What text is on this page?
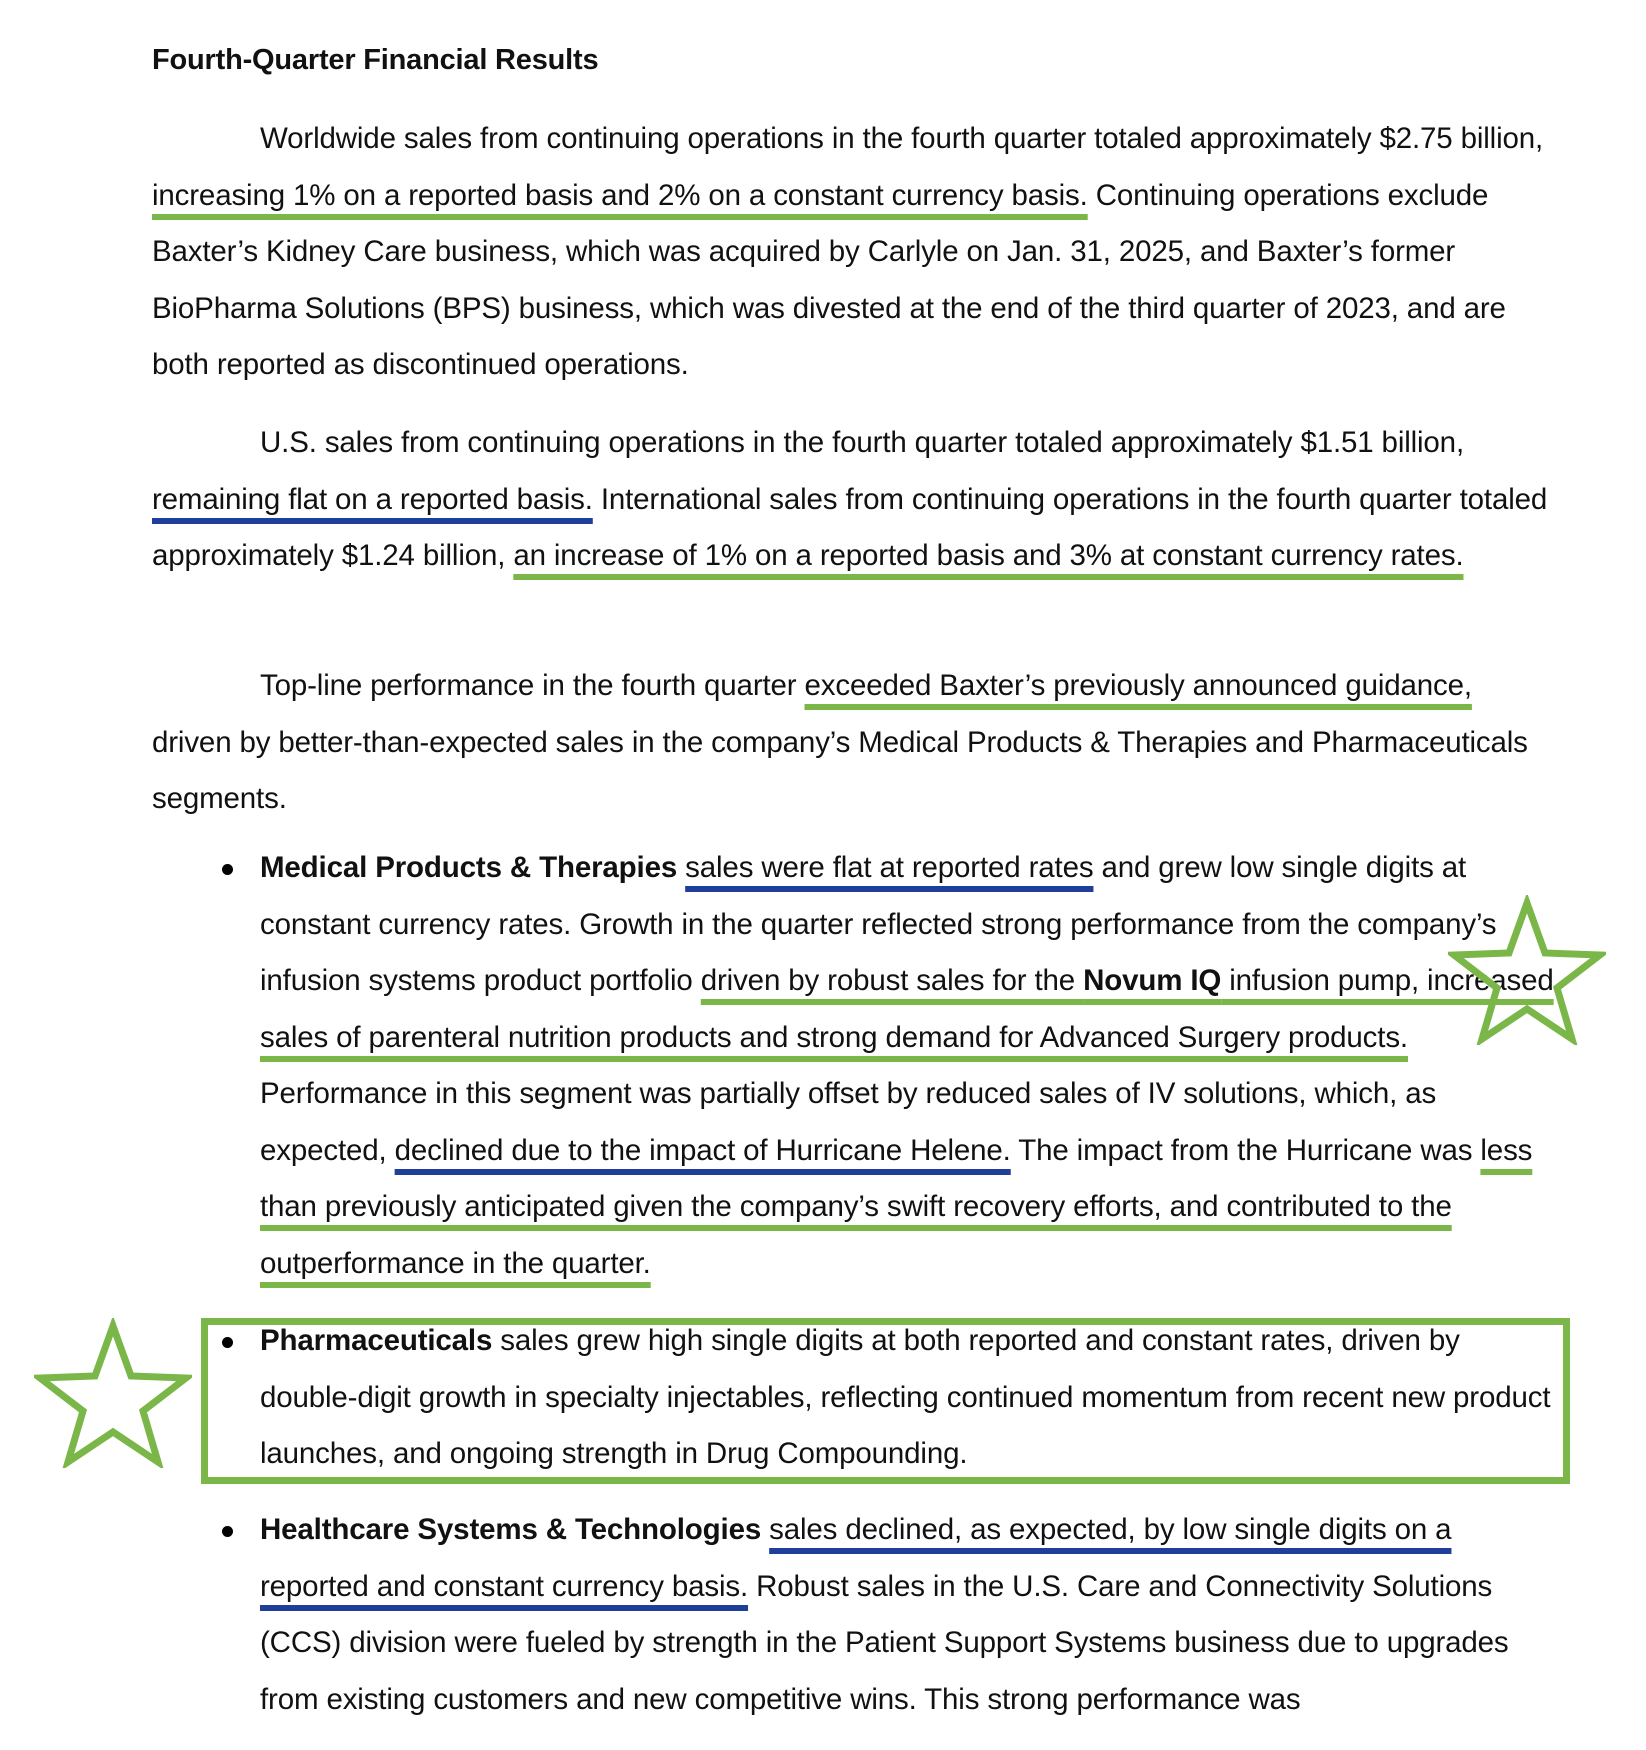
Fourth-Quarter Financial Results

Worldwide sales from continuing operations in the fourth quarter totaled approximately $2.75 billion, increasing 1% on a reported basis and 2% on a constant currency basis. Continuing operations exclude Baxter’s Kidney Care business, which was acquired by Carlyle on Jan. 31, 2025, and Baxter’s former BioPharma Solutions (BPS) business, which was divested at the end of the third quarter of 2023, and are both reported as discontinued operations.

U.S. sales from continuing operations in the fourth quarter totaled approximately $1.51 billion, remaining flat on a reported basis. International sales from continuing operations in the fourth quarter totaled approximately $1.24 billion, an increase of 1% on a reported basis and 3% at constant currency rates.

Top-line performance in the fourth quarter exceeded Baxter’s previously announced guidance, driven by better-than-expected sales in the company’s Medical Products & Therapies and Pharmaceuticals segments.

Medical Products & Therapies sales were flat at reported rates and grew low single digits at constant currency rates. Growth in the quarter reflected strong performance from the company’s infusion systems product portfolio driven by robust sales for the Novum IQ infusion pump, increased sales of parenteral nutrition products and strong demand for Advanced Surgery products. Performance in this segment was partially offset by reduced sales of IV solutions, which, as expected, declined due to the impact of Hurricane Helene. The impact from the Hurricane was less than previously anticipated given the company’s swift recovery efforts, and contributed to the outperformance in the quarter.
Pharmaceuticals sales grew high single digits at both reported and constant rates, driven by double-digit growth in specialty injectables, reflecting continued momentum from recent new product launches, and ongoing strength in Drug Compounding.
Healthcare Systems & Technologies sales declined, as expected, by low single digits on a reported and constant currency basis. Robust sales in the U.S. Care and Connectivity Solutions (CCS) division were fueled by strength in the Patient Support Systems business due to upgrades from existing customers and new competitive wins. This strong performance was
